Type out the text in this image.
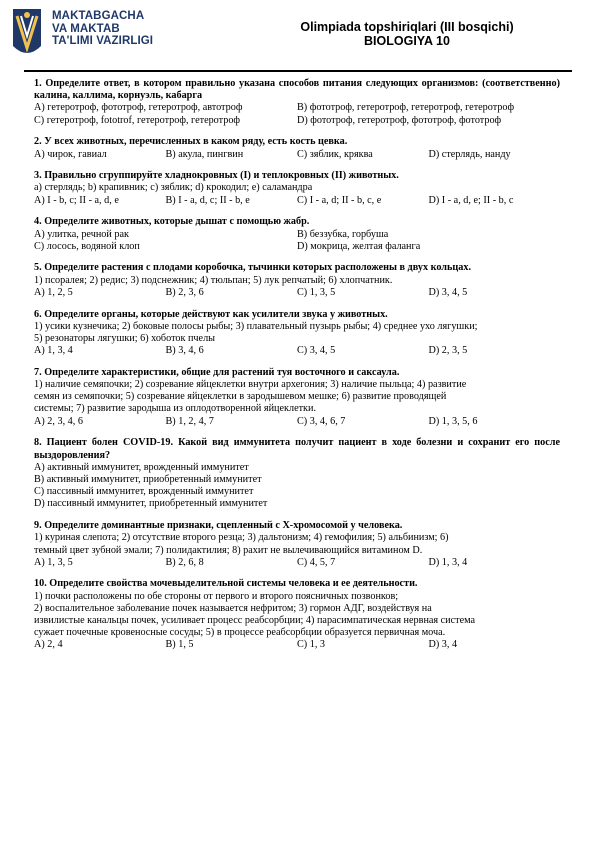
MAKTABGACHA
VA MAKTAB
TA'LIMI VAZIRLIGI
Olimpiada topshiriqlari (III bosqichi)
BIOLOGIYA 10
1. Определите ответ, в котором правильно указана способов питания следующих организмов: (соответственно) калина, каллима, корнуэль, кабарга
A) гетеротроф, фототроф, гетеротроф, автотроф	B) фототроф, гетеротроф, гетеротроф, гетеротроф
C) гетеротроф, fototrof, гетеротроф, гетеротроф	D) фототроф, гетеротроф, фототроф, фототроф
2. У всех животных, перечисленных в каком ряду, есть кость цевка.
A) чирок, гавиал	B) акула, пингвин	C) зяблик, кряква	D) стерлядь, нанду
3. Правильно сгруппируйте хладнокровных (I) и теплокровных (II) животных.
a) стерлядь; b) крапивник; c) зяблик; d) крокодил; e) саламандра
A) I - b, c; II - a, d, e	B) I - a, d, c; II - b, e	C) I - a, d; II - b, c, e	D) I - a, d, e; II - b, c
4. Определите животных, которые дышат с помощью жабр.
A) улитка, речной рак	B) беззубка, горбуша
C) лосось, водяной клоп	D) мокрица, желтая фаланга
5. Определите растения с плодами коробочка, тычинки которых расположены в двух кольцах.
1) псоралея; 2) редис; 3) подснежник; 4) тюльпан; 5) лук репчатый; 6) хлопчатник.
A) 1, 2, 5	B) 2, 3, 6	C) 1, 3, 5	D) 3, 4, 5
6. Определите органы, которые действуют как усилители звука у животных.
1) усики кузнечика; 2) боковые полосы рыбы; 3) плавательный пузырь рыбы; 4) среднее ухо лягушки;
5) резонаторы лягушки; 6) хоботок пчелы
A) 1, 3, 4	B) 3, 4, 6	C) 3, 4, 5	D) 2, 3, 5
7. Определите характеристики, общие для растений туя восточного и саксаула.
1) наличие семяпочки; 2) созревание яйцеклетки внутри архегония; 3) наличие пыльца; 4) развитие
семян из семяпочки; 5) созревание яйцеклетки в зародышевом мешке; 6) развитие проводящей
системы; 7) развитие зародыша из оплодотворенной яйцеклетки.
A) 2, 3, 4, 6	B) 1, 2, 4, 7	C) 3, 4, 6, 7	D) 1, 3, 5, 6
8. Пациент болен COVID-19. Какой вид иммунитета получит пациент в ходе болезни и сохранит его после выздоровления?
A) активный иммунитет, врожденный иммунитет
B) активный иммунитет, приобретенный иммунитет
C) пассивный иммунитет, врожденный иммунитет
D) пассивный иммунитет, приобретенный иммунитет
9. Определите доминантные признаки, сцепленный с X-хромосомой у человека.
1) куриная слепота; 2) отсутствие второго резца; 3) дальтонизм; 4) гемофилия; 5) альбинизм; 6)
темный цвет зубной эмали; 7) полидактилия; 8) рахит не вылечивающийся витамином D.
A) 1, 3, 5	B) 2, 6, 8	C) 4, 5, 7	D) 1, 3, 4
10. Определите свойства мочевыделительной системы человека и ее деятельности.
1) почки расположены по обе стороны от первого и второго поясничных позвонков;
2) воспалительное заболевание почек называется нефритом; 3) гормон АДГ, воздействуя на
извилистые канальцы почек, усиливает процесс реабсорбции; 4) парасимпатическая нервная система
сужает почечные кровеносные сосуды; 5) в процессе реабсорбции образуется первичная моча.
A) 2, 4	B) 1, 5	C) 1, 3	D) 3, 4
